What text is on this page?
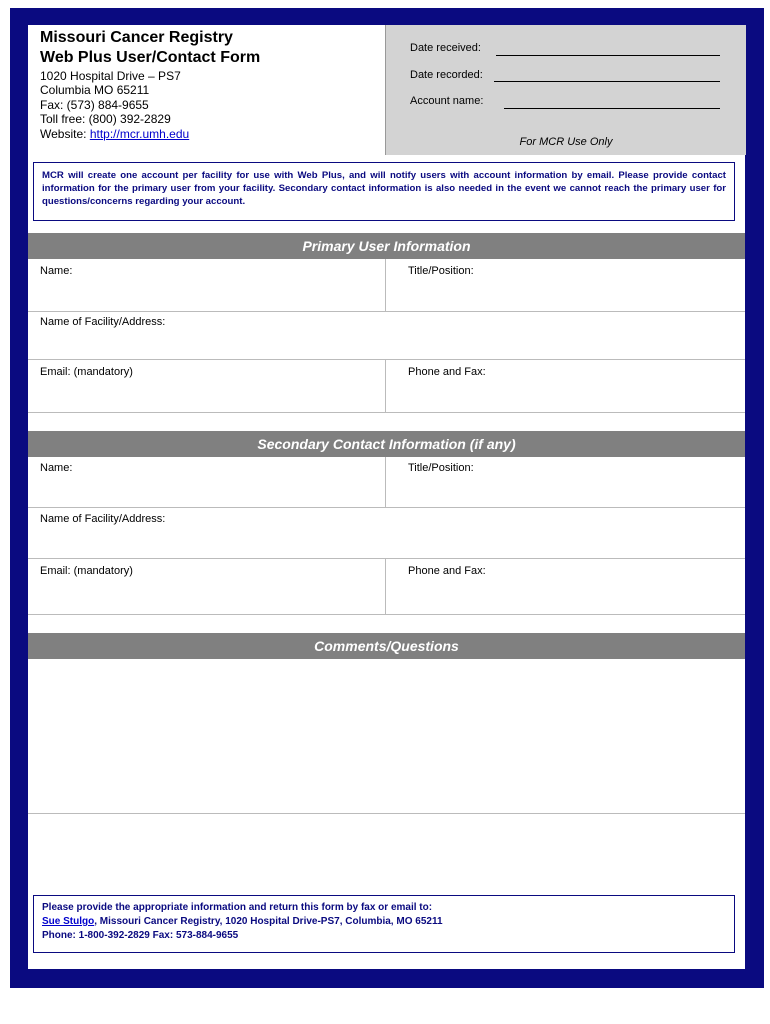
Missouri Cancer Registry
Web Plus User/Contact Form
1020 Hospital Drive – PS7
Columbia MO 65211
Fax: (573) 884-9655
Toll free: (800) 392-2829
Website: http://mcr.umh.edu
Date received:
Date recorded:
Account name:
For MCR Use Only
MCR will create one account per facility for use with Web Plus, and will notify users with account information by email. Please provide contact information for the primary user from your facility. Secondary contact information is also needed in the event we cannot reach the primary user for questions/concerns regarding your account.
Primary User Information
Name:	Title/Position:
Name of Facility/Address:
Email: (mandatory)	Phone and Fax:
Secondary Contact Information (if any)
Name:	Title/Position:
Name of Facility/Address:
Email: (mandatory)	Phone and Fax:
Comments/Questions
Please provide the appropriate information and return this form by fax or email to:
Sue Stulgo, Missouri Cancer Registry, 1020 Hospital Drive-PS7, Columbia, MO 65211
Phone: 1-800-392-2829 Fax: 573-884-9655
